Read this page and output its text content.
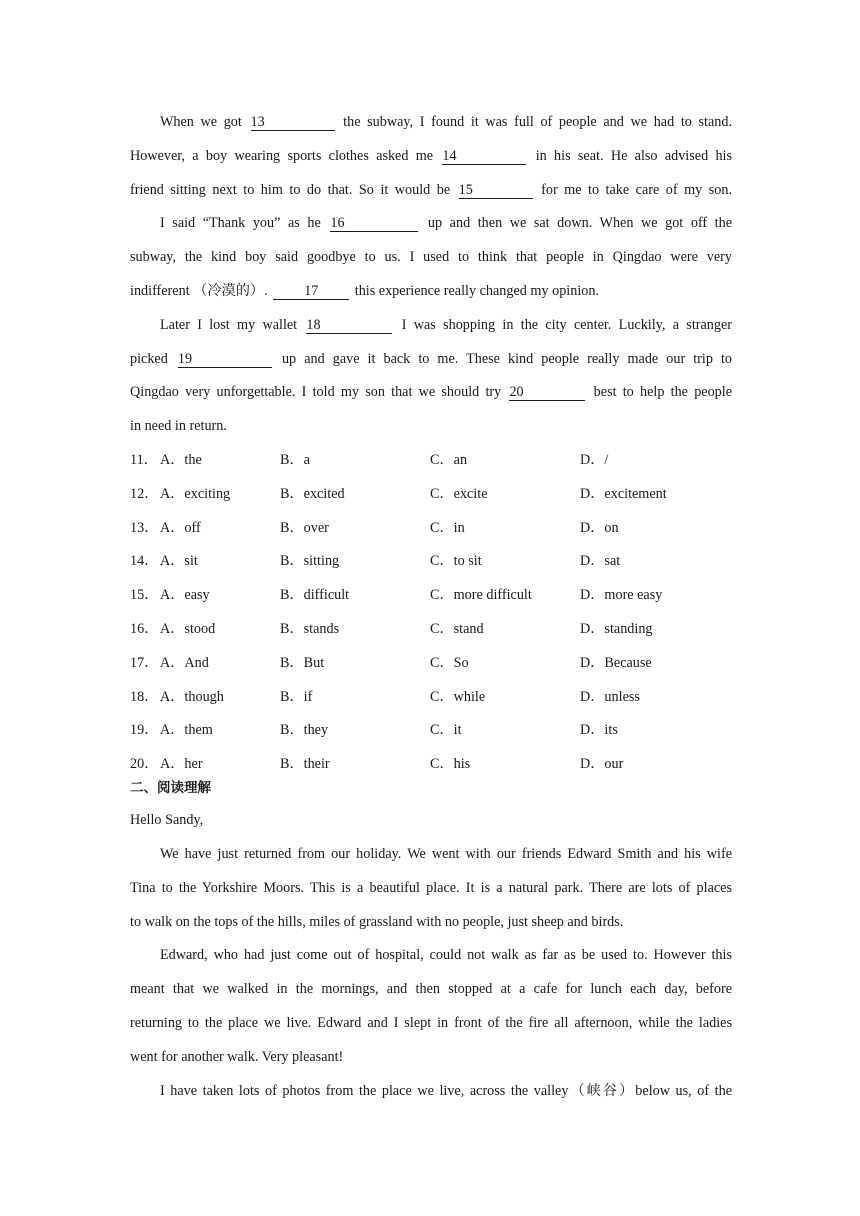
When we got 13	the subway, I found it was full of people and we had to stand.
However, a boy wearing sports clothes asked me 14	in his seat. He also advised his
friend sitting next to him to do that. So it would be 15	for me to take care of my son.
I said “Thank you” as he 16	up and then we sat down. When we got off the
subway, the kind boy said goodbye to us. I used to think that people in Qingdao were very
indifferent （冷漠的）.	17	this experience really changed my opinion.
Later I lost my wallet 18	I was shopping in the city center. Luckily, a stranger
picked 19	up and gave it back to me. These kind people really made our trip to
Qingdao very unforgettable. I told my son that we should try 20	best to help the people
in need in return.
11． A．the	B．a	C．an	D．/
12． A．exciting	B．excited	C．excite	D．excitement
13． A．off	B．over	C．in	D．on
14． A．sit	B．sitting	C．to sit	D．sat
15． A．easy	B．difficult	C．more difficult	D．more easy
16． A．stood	B．stands	C．stand	D．standing
17． A．And	B．But	C．So	D．Because
18． A．though	B．if	C．while	D．unless
19． A．them	B．they	C．it	D．its
20． A．her	B．their	C．his	D．our
二、阅读理解
Hello Sandy,
We have just returned from our holiday. We went with our friends Edward Smith and his wife
Tina to the Yorkshire Moors. This is a beautiful place. It is a natural park. There are lots of places
to walk on the tops of the hills, miles of grassland with no people, just sheep and birds.
Edward, who had just come out of hospital, could not walk as far as be used to. However this
meant that we walked in the mornings, and then stopped at a cafe for lunch each day, before
returning to the place we live. Edward and I slept in front of the fire all afternoon, while the ladies
went for another walk. Very pleasant!
I have taken lots of photos from the place we live, across the valley（峡谷）below us, of the
